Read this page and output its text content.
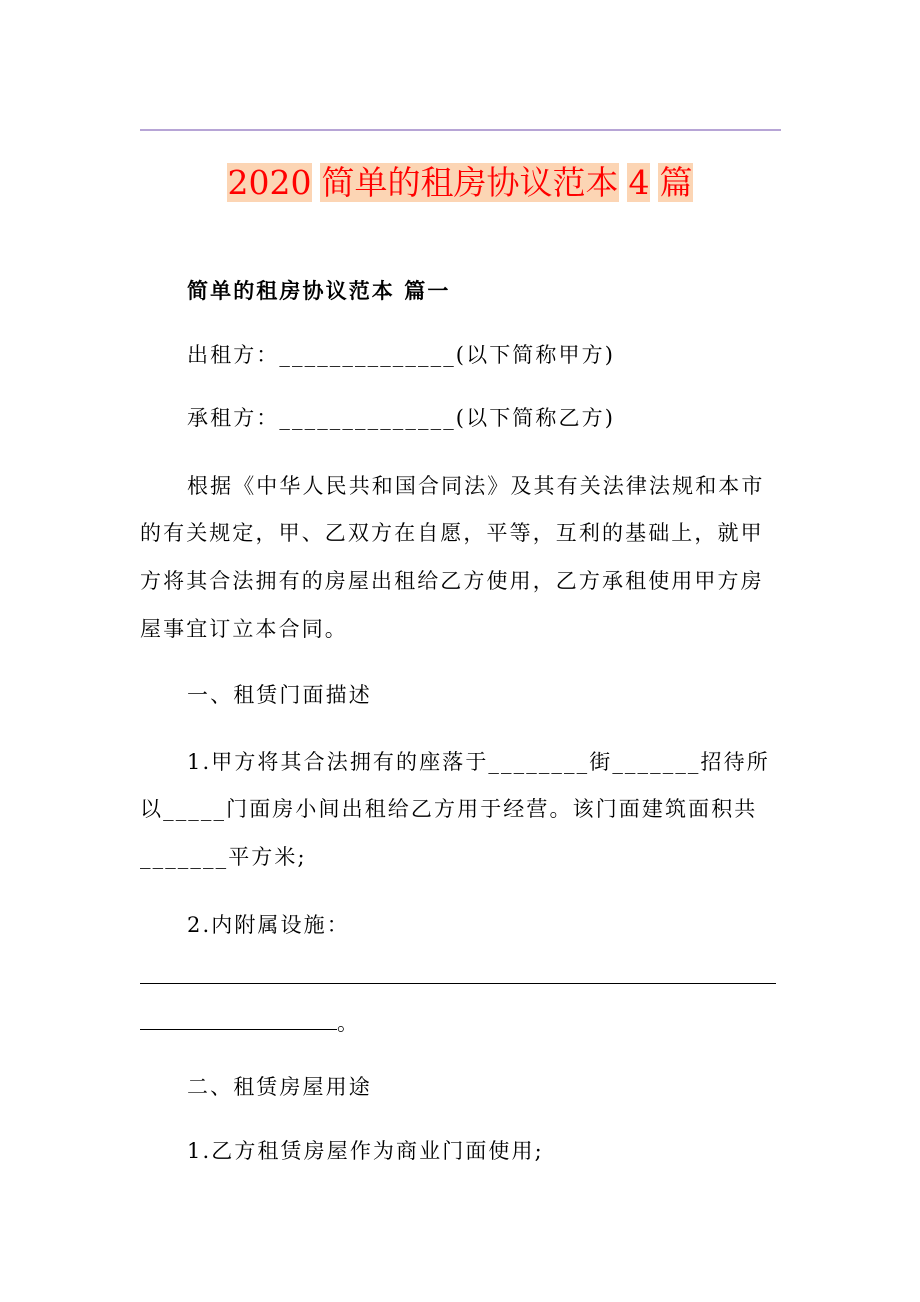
2020 简单的租房协议范本 4 篇
简单的租房协议范本 篇一
出租方：______________(以下简称甲方)
承租方：______________(以下简称乙方)
根据《中华人民共和国合同法》及其有关法律法规和本市
的有关规定，甲、乙双方在自愿，平等，互利的基础上，就甲
方将其合法拥有的房屋出租给乙方使用，乙方承租使用甲方房
屋事宜订立本合同。
一、租赁门面描述
1.甲方将其合法拥有的座落于________街_______招待所
以_____门面房小间出租给乙方用于经营。该门面建筑面积共
_______平方米;
2.内附属设施：
。
二、租赁房屋用途
1.乙方租赁房屋作为商业门面使用;
